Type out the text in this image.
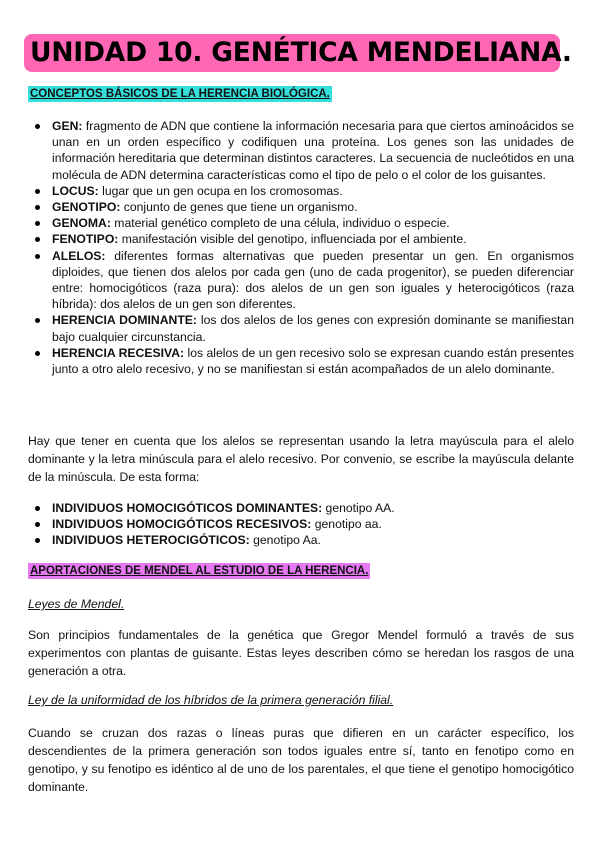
UNIDAD 10. GENÉTICA MENDELIANA.
CONCEPTOS BÁSICOS DE LA HERENCIA BIOLÓGICA.
GEN: fragmento de ADN que contiene la información necesaria para que ciertos aminoácidos se unan en un orden específico y codifiquen una proteína. Los genes son las unidades de información hereditaria que determinan distintos caracteres. La secuencia de nucleótidos en una molécula de ADN determina características como el tipo de pelo o el color de los guisantes.
LOCUS: lugar que un gen ocupa en los cromosomas.
GENOTIPO: conjunto de genes que tiene un organismo.
GENOMA: material genético completo de una célula, individuo o especie.
FENOTIPO: manifestación visible del genotipo, influenciada por el ambiente.
ALELOS: diferentes formas alternativas que pueden presentar un gen. En organismos diploides, que tienen dos alelos por cada gen (uno de cada progenitor), se pueden diferenciar entre: homocigóticos (raza pura): dos alelos de un gen son iguales y heterocigóticos (raza híbrida): dos alelos de un gen son diferentes.
HERENCIA DOMINANTE: los dos alelos de los genes con expresión dominante se manifiestan bajo cualquier circunstancia.
HERENCIA RECESIVA: los alelos de un gen recesivo solo se expresan cuando están presentes junto a otro alelo recesivo, y no se manifiestan si están acompañados de un alelo dominante.

Hay que tener en cuenta que los alelos se representan usando la letra mayúscula para el alelo dominante y la letra minúscula para el alelo recesivo. Por convenio, se escribe la mayúscula delante de la minúscula. De esta forma:

INDIVIDUOS HOMOCIGÓTICOS DOMINANTES: genotipo AA.
INDIVIDUOS HOMOCIGÓTICOS RECESIVOS: genotipo aa.
INDIVIDUOS HETEROCIGÓTICOS: genotipo Aa.
APORTACIONES DE MENDEL AL ESTUDIO DE LA HERENCIA.
Leyes de Mendel.

Son principios fundamentales de la genética que Gregor Mendel formuló a través de sus experimentos con plantas de guisante. Estas leyes describen cómo se heredan los rasgos de una generación a otra.

Ley de la uniformidad de los híbridos de la primera generación filial.

Cuando se cruzan dos razas o líneas puras que difieren en un carácter específico, los descendientes de la primera generación son todos iguales entre sí, tanto en fenotipo como en genotipo, y su fenotipo es idéntico al de uno de los parentales, el que tiene el genotipo homocigótico dominante.
